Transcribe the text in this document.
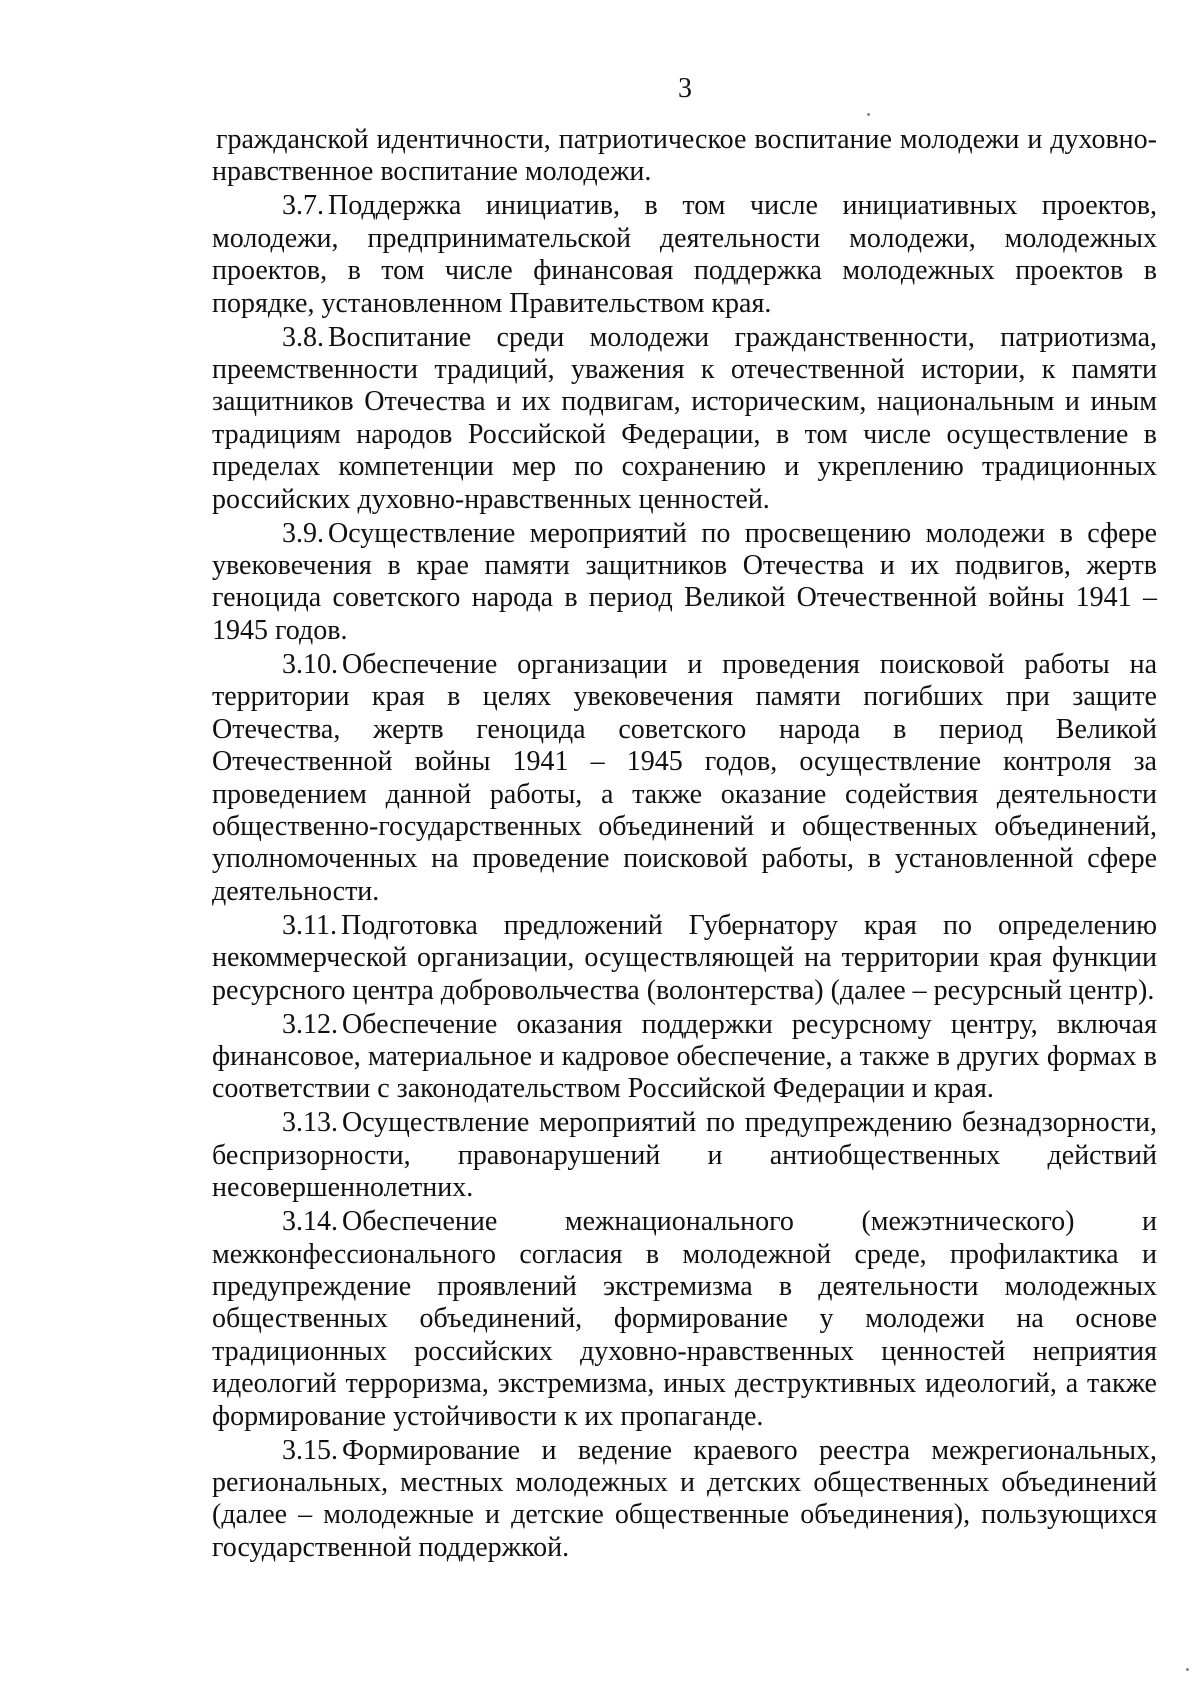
3

гражданской идентичности, патриотическое воспитание молодежи и духовно-нравственное воспитание молодежи.

3.7. Поддержка инициатив, в том числе инициативных проектов, молодежи, предпринимательской деятельности молодежи, молодежных проектов, в том числе финансовая поддержка молодежных проектов в порядке, установленном Правительством края.

3.8. Воспитание среди молодежи гражданственности, патриотизма, преемственности традиций, уважения к отечественной истории, к памяти защитников Отечества и их подвигам, историческим, национальным и иным традициям народов Российской Федерации, в том числе осуществление в пределах компетенции мер по сохранению и укреплению традиционных российских духовно-нравственных ценностей.

3.9. Осуществление мероприятий по просвещению молодежи в сфере увековечения в крае памяти защитников Отечества и их подвигов, жертв геноцида советского народа в период Великой Отечественной войны 1941 – 1945 годов.

3.10. Обеспечение организации и проведения поисковой работы на территории края в целях увековечения памяти погибших при защите Отечества, жертв геноцида советского народа в период Великой Отечественной войны 1941 – 1945 годов, осуществление контроля за проведением данной работы, а также оказание содействия деятельности общественно-государственных объединений и общественных объединений, уполномоченных на проведение поисковой работы, в установленной сфере деятельности.

3.11. Подготовка предложений Губернатору края по определению некоммерческой организации, осуществляющей на территории края функции ресурсного центра добровольчества (волонтерства) (далее – ресурсный центр).

3.12. Обеспечение оказания поддержки ресурсному центру, включая финансовое, материальное и кадровое обеспечение, а также в других формах в соответствии с законодательством Российской Федерации и края.

3.13. Осуществление мероприятий по предупреждению безнадзорности, беспризорности, правонарушений и антиобщественных действий несовершеннолетних.

3.14. Обеспечение межнационального (межэтнического) и межконфессионального согласия в молодежной среде, профилактика и предупреждение проявлений экстремизма в деятельности молодежных общественных объединений, формирование у молодежи на основе традиционных российских духовно-нравственных ценностей неприятия идеологий терроризма, экстремизма, иных деструктивных идеологий, а также формирование устойчивости к их пропаганде.

3.15. Формирование и ведение краевого реестра межрегиональных, региональных, местных молодежных и детских общественных объединений (далее – молодежные и детские общественные объединения), пользующихся государственной поддержкой.
